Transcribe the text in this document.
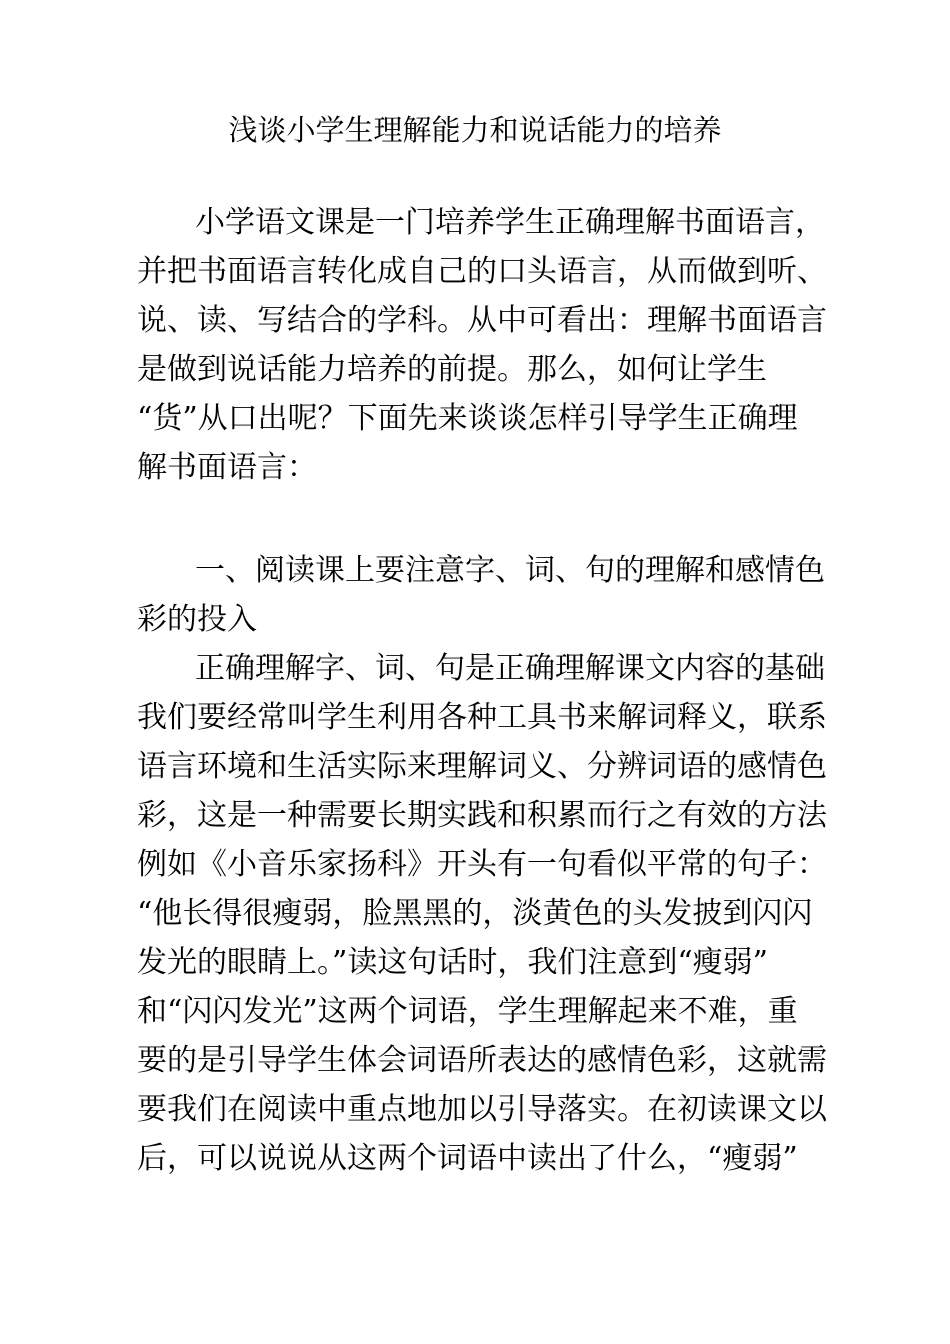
浅谈小学生理解能力和说话能力的培养
小学语文课是一门培养学生正确理解书面语言，
并把书面语言转化成自己的口头语言，从而做到听、
说、读、写结合的学科。从中可看出：理解书面语言
是做到说话能力培养的前提。那么，如何让学生
“货”从口出呢？下面先来谈谈怎样引导学生正确理
解书面语言：
一、阅读课上要注意字、词、句的理解和感情色
彩的投入
正确理解字、词、句是正确理解课文内容的基础
我们要经常叫学生利用各种工具书来解词释义，联系
语言环境和生活实际来理解词义、分辨词语的感情色
彩，这是一种需要长期实践和积累而行之有效的方法
例如《小音乐家扬科》开头有一句看似平常的句子：
“他长得很瘦弱，脸黑黑的，淡黄色的头发披到闪闪
发光的眼睛上。”读这句话时，我们注意到“瘦弱”
和“闪闪发光”这两个词语，学生理解起来不难，重
要的是引导学生体会词语所表达的感情色彩，这就需
要我们在阅读中重点地加以引导落实。在初读课文以
后，可以说说从这两个词语中读出了什么，“瘦弱”
